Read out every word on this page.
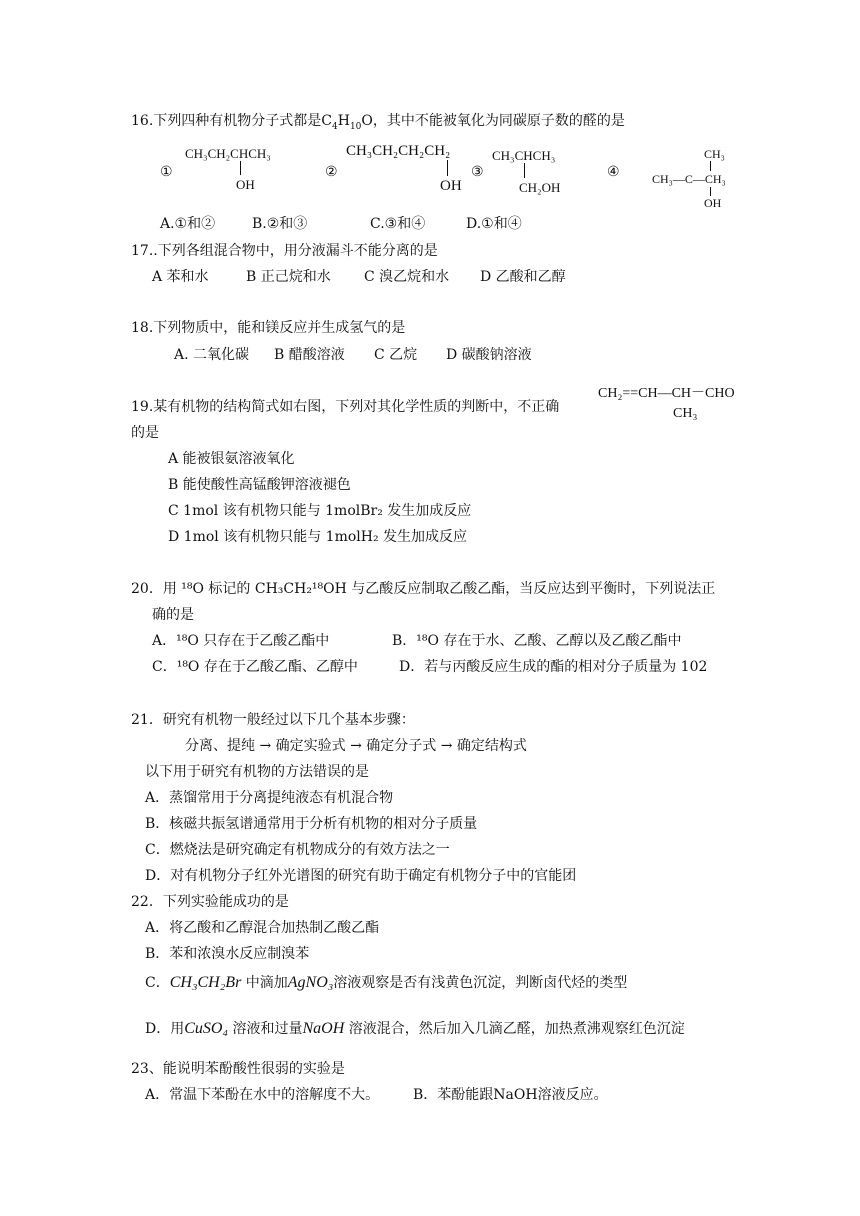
16.下列四种有机物分子式都是$C_4H_{10}O$，其中不能被氧化为同碳原子数的醛的是
①
CH₃CH₂CHCH₃
OH
②
CH₃CH₂CH₂CH₂
OH
③
CH₃CHCH₃
CH₂OH
④
CH₃
CH₃—C—CH₃
OH
A.①和②	B.②和③	C.③和④	D.①和④
17..下列各组混合物中，用分液漏斗不能分离的是
A 苯和水	B 正己烷和水 C 溴乙烷和水 D 乙酸和乙醇
18.下列物质中，能和镁反应并生成氢气的是
A. 二氧化碳 B 醋酸溶液 C 乙烷 D 碳酸钠溶液
CH₂==CH—CH－CHO
CH₃
19.某有机物的结构简式如右图，下列对其化学性质的判断中，不正确
的是
A 能被银氨溶液氧化
B 能使酸性高锰酸钾溶液褪色
C 1mol 该有机物只能与 1molBr₂ 发生加成反应
D 1mol 该有机物只能与 1molH₂ 发生加成反应
20．用 ¹⁸O 标记的 CH₃CH₂¹⁸OH 与乙酸反应制取乙酸乙酯，当反应达到平衡时，下列说法正
确的是
A．¹⁸O 只存在于乙酸乙酯中	B．¹⁸O 存在于水、乙酸、乙醇以及乙酸乙酯中
C．¹⁸O 存在于乙酸乙酯、乙醇中	D．若与丙酸反应生成的酯的相对分子质量为 102
21．研究有机物一般经过以下几个基本步骤：
分离、提纯 → 确定实验式 → 确定分子式 → 确定结构式
以下用于研究有机物的方法错误的是
A．蒸馏常用于分离提纯液态有机混合物
B．核磁共振氢谱通常用于分析有机物的相对分子质量
C．燃烧法是研究确定有机物成分的有效方法之一
D．对有机物分子红外光谱图的研究有助于确定有机物分子中的官能团
22．下列实验能成功的是
A．将乙酸和乙醇混合加热制乙酸乙酯
B．苯和浓溴水反应制溴苯
C．CH₃CH₂Br 中滴加AgNO₃溶液观察是否有浅黄色沉淀，判断卤代烃的类型
D．用CuSO₄ 溶液和过量NaOH 溶液混合，然后加入几滴乙醛，加热煮沸观察红色沉淀
23、能说明苯酚酸性很弱的实验是
A．常温下苯酚在水中的溶解度不大。 B．苯酚能跟NaOH溶液反应。
